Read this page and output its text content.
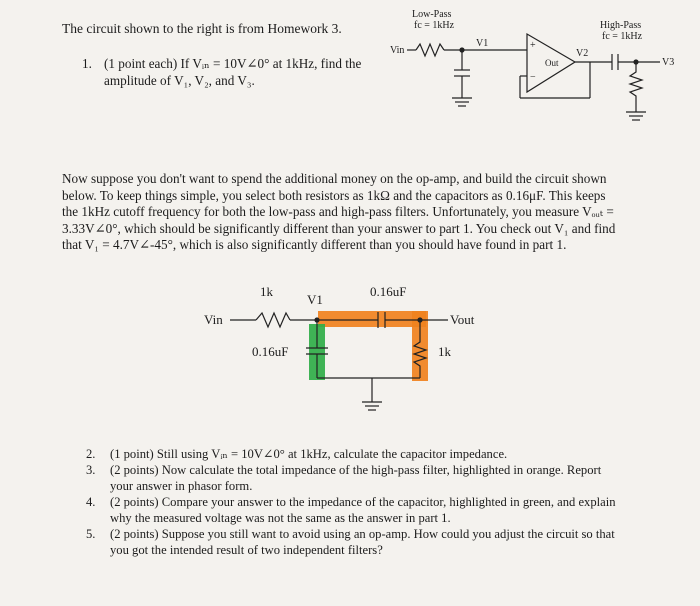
The circuit shown to the right is from Homework 3.
1. (1 point each) If Vᵢₙ = 10V∠0° at 1kHz, find the amplitude of V₁, V₂, and V₃.
Low-Pass
fc = 1kHz	High-Pass
fc = 1kHz
Vin
V1
V2
V3
Out
+
−
Now suppose you don't want to spend the additional money on the op-amp, and build the circuit shown below. To keep things simple, you select both resistors as 1kΩ and the capacitors as 0.16μF. This keeps the 1kHz cutoff frequency for both the low-pass and high-pass filters. Unfortunately, you measure Vₒᵤₜ = 3.33V∠0°, which should be significantly different than your answer to part 1. You check out V₁ and find that V₁ = 4.7V∠-45°, which is also significantly different than you should have found in part 1.
1k
V1
0.16uF
Vin	Vout
0.16uF	1k
2.	(1 point) Still using Vᵢₙ = 10V∠0° at 1kHz, calculate the capacitor impedance.
3.	(2 points) Now calculate the total impedance of the high-pass filter, highlighted in orange. Report your answer in phasor form.
4.	(2 points) Compare your answer to the impedance of the capacitor, highlighted in green, and explain why the measured voltage was not the same as the answer in part 1.
5.	(2 points) Suppose you still want to avoid using an op-amp. How could you adjust the circuit so that you got the intended result of two independent filters?
